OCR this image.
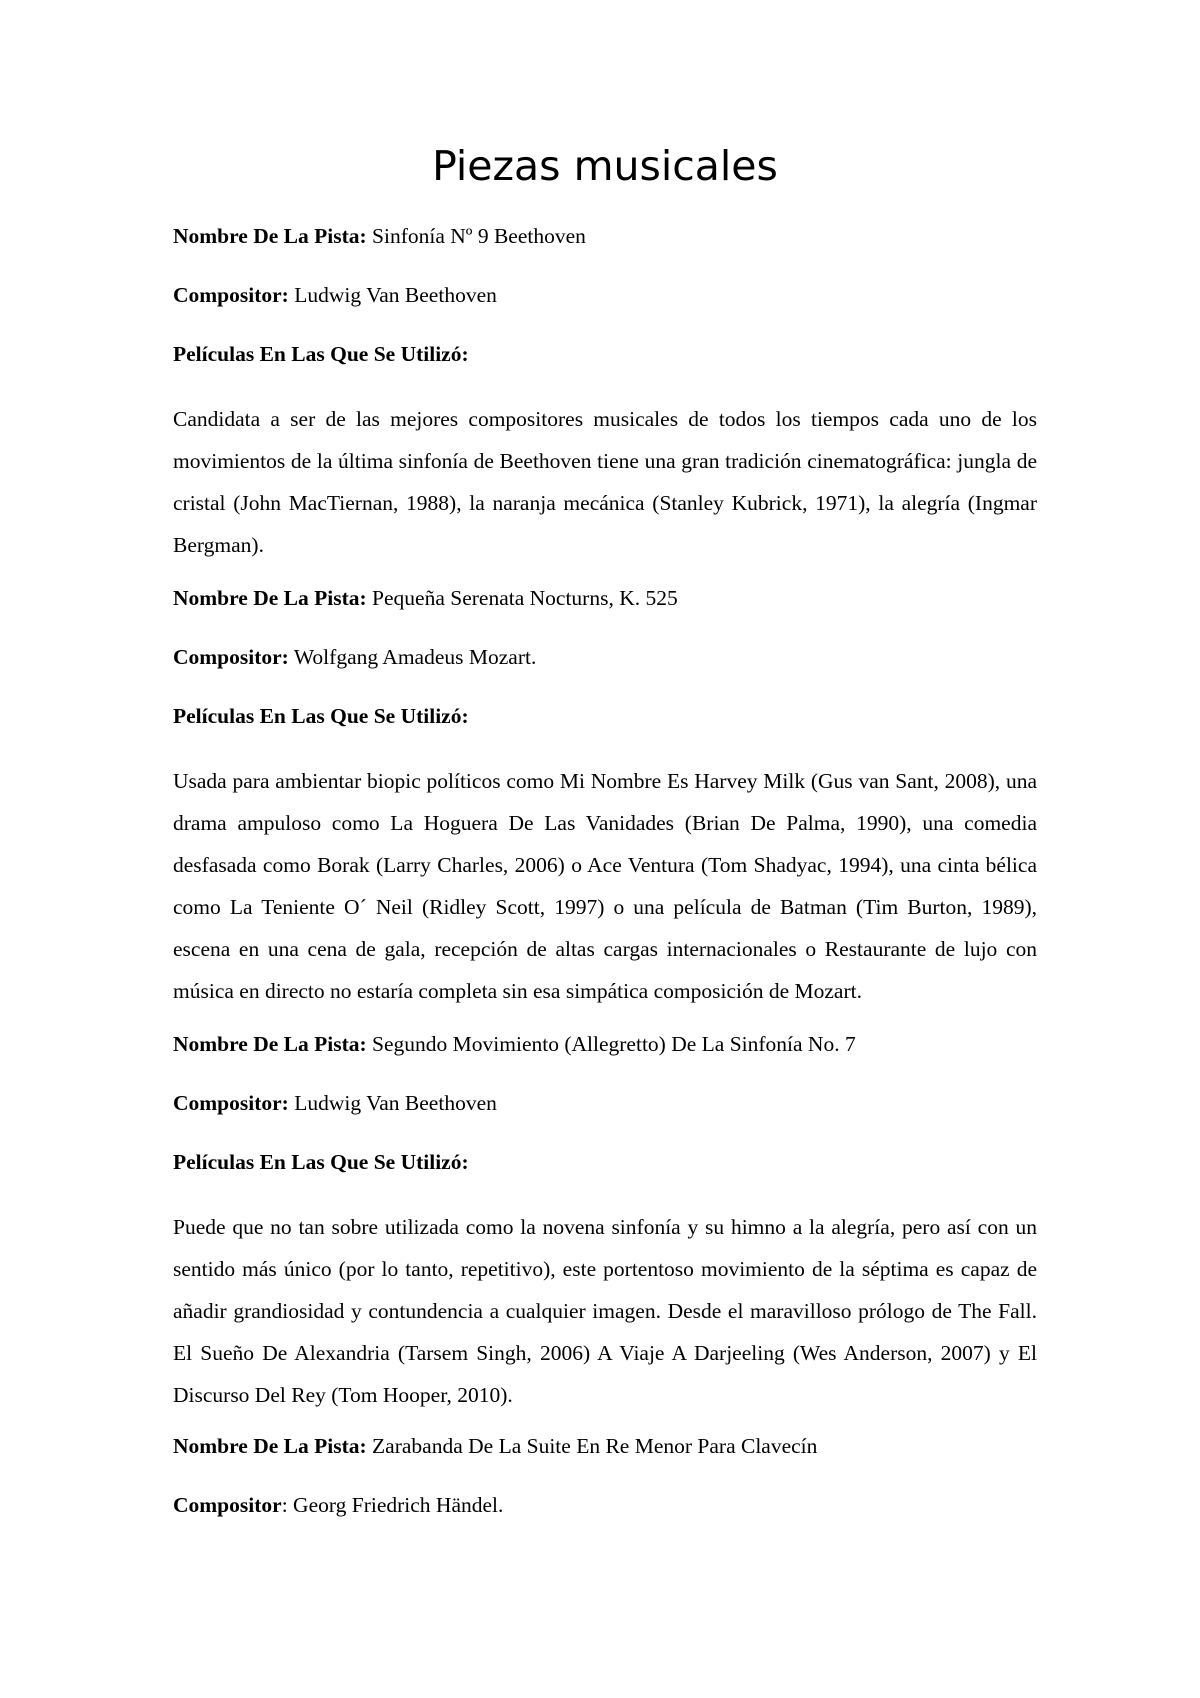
Piezas musicales

Nombre De La Pista: Sinfonía Nº 9 Beethoven

Compositor: Ludwig Van Beethoven

Películas En Las Que Se Utilizó:

Candidata a ser de las mejores compositores musicales de todos los tiempos cada uno de los movimientos de la última sinfonía de Beethoven tiene una gran tradición cinematográfica: jungla de cristal (John MacTiernan, 1988), la naranja mecánica (Stanley Kubrick, 1971), la alegría (Ingmar Bergman).

Nombre De La Pista: Pequeña Serenata Nocturns, K. 525

Compositor: Wolfgang Amadeus Mozart.

Películas En Las Que Se Utilizó:

Usada para ambientar biopic políticos como Mi Nombre Es Harvey Milk (Gus van Sant, 2008), una drama ampuloso como La Hoguera De Las Vanidades (Brian De Palma, 1990), una comedia desfasada como Borak (Larry Charles, 2006) o Ace Ventura (Tom Shadyac, 1994), una cinta bélica como La Teniente O´ Neil (Ridley Scott, 1997) o una película de Batman (Tim Burton, 1989), escena en una cena de gala, recepción de altas cargas internacionales o Restaurante de lujo con música en directo no estaría completa sin esa simpática composición de Mozart.

Nombre De La Pista: Segundo Movimiento (Allegretto) De La Sinfonía No. 7

Compositor: Ludwig Van Beethoven

Películas En Las Que Se Utilizó:

Puede que no tan sobre utilizada como la novena sinfonía y su himno a la alegría, pero así con un sentido más único (por lo tanto, repetitivo), este portentoso movimiento de la séptima es capaz de añadir grandiosidad y contundencia a cualquier imagen. Desde el maravilloso prólogo de The Fall. El Sueño De Alexandria (Tarsem Singh, 2006) A Viaje A Darjeeling (Wes Anderson, 2007) y El Discurso Del Rey (Tom Hooper, 2010).

Nombre De La Pista: Zarabanda De La Suite En Re Menor Para Clavecín

Compositor: Georg Friedrich Händel.
